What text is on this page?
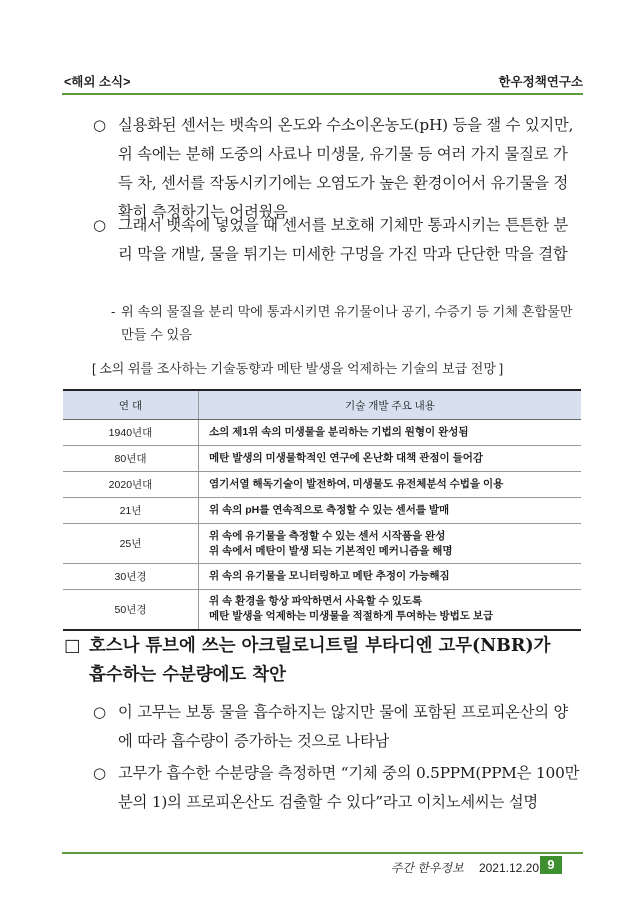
<해외 소식>	한우정책연구소
○ 실용화된 센서는 뱃속의 온도와 수소이온농도(pH) 등을 잴 수 있지만, 위 속에는 분해 도중의 사료나 미생물, 유기물 등 여러 가지 물질로 가득 차, 센서를 작동시키기에는 오염도가 높은 환경이어서 유기물을 정확히 측정하기는 어려웠음
○ 그래서 뱃속에 넣었을 때 센서를 보호해 기체만 통과시키는 튼튼한 분리 막을 개발, 물을 튀기는 미세한 구멍을 가진 막과 단단한 막을 결합
- 위 속의 물질을 분리 막에 통과시키면 유기물이나 공기, 수증기 등 기체 혼합물만 만들 수 있음
[ 소의 위를 조사하는 기술동향과 메탄 발생을 억제하는 기술의 보급 전망 ]
연 대	기술 개발 주요 내용
1940년대	소의 제1위 속의 미생물을 분리하는 기법의 원형이 완성됨

80년대	메탄 발생의 미생물학적인 연구에 온난화 대책 관점이 들어감

2020년대	염기서열 해독기술이 발전하여, 미생물도 유전체분석 수법을 이용

21년	위 속의 pH를 연속적으로 측정할 수 있는 센서를 발매

25년	위 속에 유기물을 측정할 수 있는 센서 시작품을 완성
위 속에서 메탄이 발생 되는 기본적인 메커니즘을 해명

30년경	위 속의 유기물을 모니터링하고 메탄 추정이 가능해짐

50년경	위 속 환경을 항상 파악하면서 사육할 수 있도록
메탄 발생을 억제하는 미생물을 적절하게 투여하는 방법도 보급
□ 호스나 튜브에 쓰는 아크릴로니트릴 부타디엔 고무(NBR)가
흡수하는 수분량에도 착안
○ 이 고무는 보통 물을 흡수하지는 않지만 물에 포함된 프로피온산의 양에 따라 흡수량이 증가하는 것으로 나타남
○ 고무가 흡수한 수분량을 측정하면 “기체 중의 0.5PPM(PPM은 100만분의 1)의 프로피온산도 검출할 수 있다”라고 이치노세씨는 설명
주간 한우정보 2021.12.20 9
